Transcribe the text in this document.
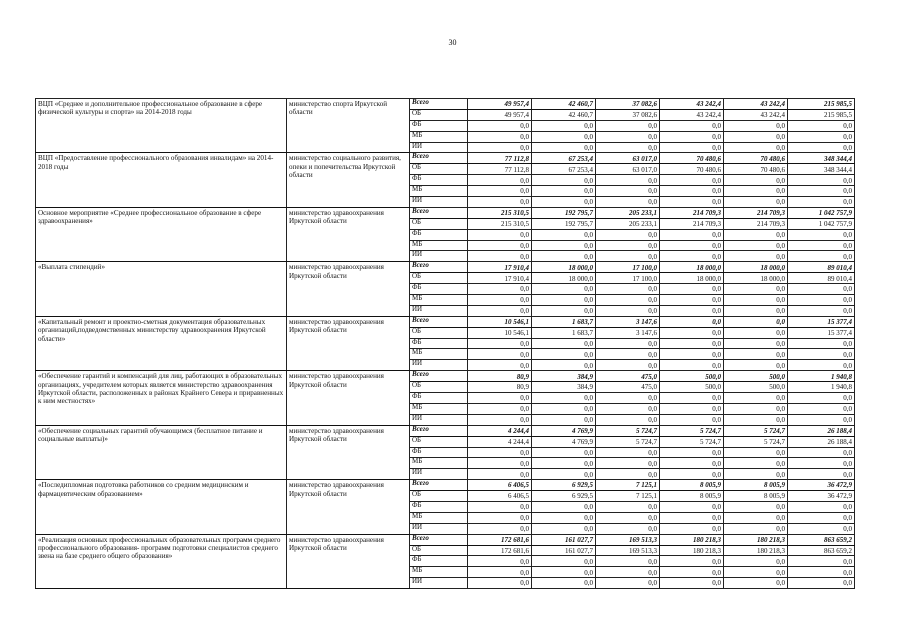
30
ВЦП «Среднее и дополнительное профессиональное образование в сфере физической культуры и спорта» на 2014-2018 годы	министерство спорта Иркутской области	Всего	49 957,4	42 460,7	37 082,6	43 242,4	43 242,4	215 985,5
		ОБ	49 957,4	42 460,7	37 082,6	43 242,4	43 242,4	215 985,5
		ФБ	0,0	0,0	0,0	0,0	0,0	0,0
		МБ	0,0	0,0	0,0	0,0	0,0	0,0
		ИИ	0,0	0,0	0,0	0,0	0,0	0,0
ВЦП «Предоставление профессионального образования инвалидам» на 2014-2018 годы	министерство социального развития, опеки и попечительства Иркутской области	Всего	77 112,8	67 253,4	63 017,0	70 480,6	70 480,6	348 344,4
		ОБ	77 112,8	67 253,4	63 017,0	70 480,6	70 480,6	348 344,4
		ФБ	0,0	0,0	0,0	0,0	0,0	0,0
		МБ	0,0	0,0	0,0	0,0	0,0	0,0
		ИИ	0,0	0,0	0,0	0,0	0,0	0,0
Основное мероприятие «Среднее профессиональное образование в сфере здравоохранения»	министерство здравоохранения Иркутской области	Всего	215 310,5	192 795,7	205 233,1	214 709,3	214 709,3	1 042 757,9
		ОБ	215 310,5	192 795,7	205 233,1	214 709,3	214 709,3	1 042 757,9
		ФБ	0,0	0,0	0,0	0,0	0,0	0,0
		МБ	0,0	0,0	0,0	0,0	0,0	0,0
		ИИ	0,0	0,0	0,0	0,0	0,0	0,0
«Выплата стипендий»	министерство здравоохранения Иркутской области	Всего	17 910,4	18 000,0	17 100,0	18 000,0	18 000,0	89 010,4
		ОБ	17 910,4	18 000,0	17 100,0	18 000,0	18 000,0	89 010,4
		ФБ	0,0	0,0	0,0	0,0	0,0	0,0
		МБ	0,0	0,0	0,0	0,0	0,0	0,0
		ИИ	0,0	0,0	0,0	0,0	0,0	0,0
«Капитальный ремонт и проектно-сметная документация образовательных организаций,подведомственных министерству здравоохранения Иркутской области»	министерство здравоохранения Иркутской области	Всего	10 546,1	1 683,7	3 147,6	0,0	0,0	15 377,4
		ОБ	10 546,1	1 683,7	3 147,6	0,0	0,0	15 377,4
		ФБ	0,0	0,0	0,0	0,0	0,0	0,0
		МБ	0,0	0,0	0,0	0,0	0,0	0,0
		ИИ	0,0	0,0	0,0	0,0	0,0	0,0
«Обеспечение гарантий и компенсаций для лиц, работающих в образовательных организациях, учредителем которых является министерство здравоохранения Иркутской области, расположенных в районах Крайнего Севера и приравненных к ним местностях»	министерство здравоохранения Иркутской области	Всего	80,9	384,9	475,0	500,0	500,0	1 940,8
		ОБ	80,9	384,9	475,0	500,0	500,0	1 940,8
		ФБ	0,0	0,0	0,0	0,0	0,0	0,0
		МБ	0,0	0,0	0,0	0,0	0,0	0,0
		ИИ	0,0	0,0	0,0	0,0	0,0	0,0
«Обеспечение социальных гарантий обучающимся (бесплатное питание и социальные выплаты)»	министерство здравоохранения Иркутской области	Всего	4 244,4	4 769,9	5 724,7	5 724,7	5 724,7	26 188,4
		ОБ	4 244,4	4 769,9	5 724,7	5 724,7	5 724,7	26 188,4
		ФБ	0,0	0,0	0,0	0,0	0,0	0,0
		МБ	0,0	0,0	0,0	0,0	0,0	0,0
		ИИ	0,0	0,0	0,0	0,0	0,0	0,0
«Последипломная подготовка работников со средним медицинским и фармацевтическим образованием»	министерство здравоохранения Иркутской области	Всего	6 406,5	6 929,5	7 125,1	8 005,9	8 005,9	36 472,9
		ОБ	6 406,5	6 929,5	7 125,1	8 005,9	8 005,9	36 472,9
		ФБ	0,0	0,0	0,0	0,0	0,0	0,0
		МБ	0,0	0,0	0,0	0,0	0,0	0,0
		ИИ	0,0	0,0	0,0	0,0	0,0	0,0
«Реализация основных профессиональных образовательных программ среднего профессионального образования- программ подготовки специалистов среднего звена на базе среднего общего образования»	министерство здравоохранения Иркутской области	Всего	172 681,6	161 027,7	169 513,3	180 218,3	180 218,3	863 659,2
		ОБ	172 681,6	161 027,7	169 513,3	180 218,3	180 218,3	863 659,2
		ФБ	0,0	0,0	0,0	0,0	0,0	0,0
		МБ	0,0	0,0	0,0	0,0	0,0	0,0
		ИИ	0,0	0,0	0,0	0,0	0,0	0,0
